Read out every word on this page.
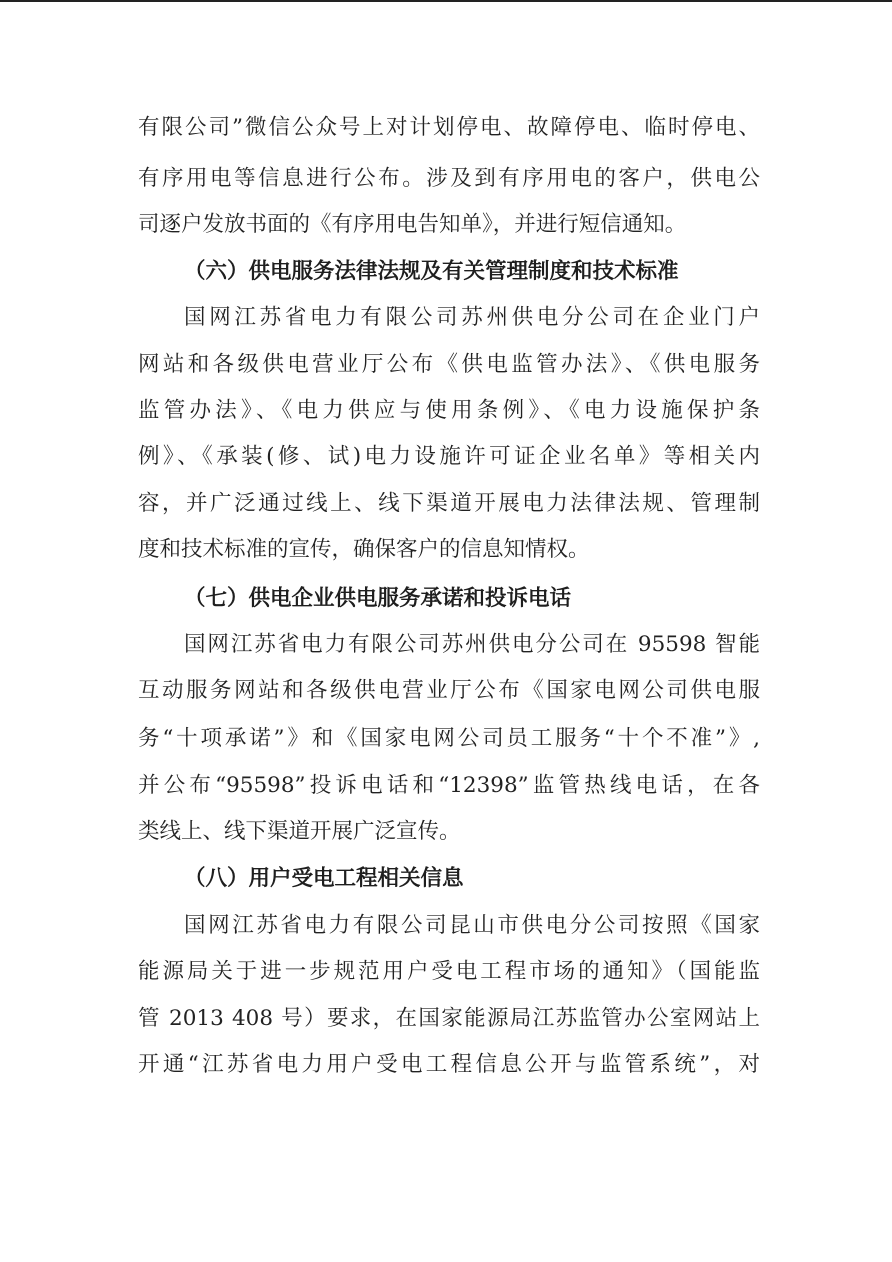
有限公司”微信公众号上对计划停电、故障停电、临时停电、
有序用电等信息进行公布。涉及到有序用电的客户，供电公
司逐户发放书面的《有序用电告知单》，并进行短信通知。
（六）供电服务法律法规及有关管理制度和技术标准
国网江苏省电力有限公司苏州供电分公司在企业门户
网站和各级供电营业厅公布《供电监管办法》、《供电服务
监管办法》、《电力供应与使用条例》、《电力设施保护条
例》、《承装(修、试)电力设施许可证企业名单》等相关内
容，并广泛通过线上、线下渠道开展电力法律法规、管理制
度和技术标准的宣传，确保客户的信息知情权。
（七）供电企业供电服务承诺和投诉电话
国网江苏省电力有限公司苏州供电分公司在 95598 智能
互动服务网站和各级供电营业厅公布《国家电网公司供电服
务“十项承诺”》和《国家电网公司员工服务“十个不准”》,
并公布“95598”投诉电话和“12398”监管热线电话，在各
类线上、线下渠道开展广泛宣传。
（八）用户受电工程相关信息
国网江苏省电力有限公司昆山市供电分公司按照《国家
能源局关于进一步规范用户受电工程市场的通知》（国能监
管 2013 408 号）要求，在国家能源局江苏监管办公室网站上
开通“江苏省电力用户受电工程信息公开与监管系统”，对
